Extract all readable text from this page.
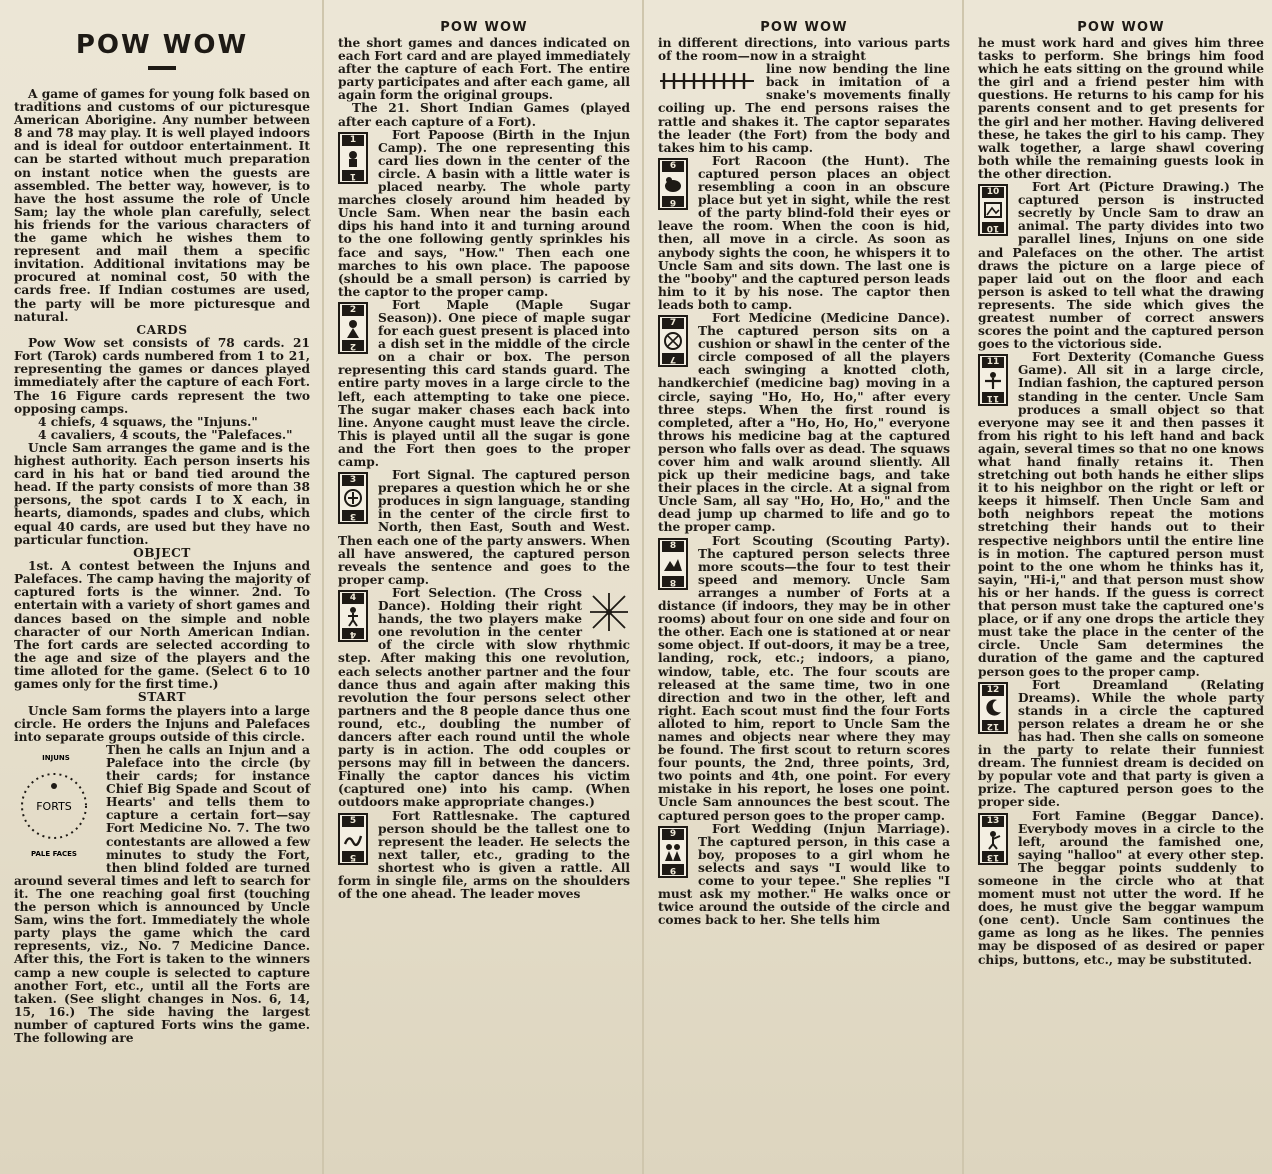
POW WOW

A game of games for young folk based on traditions and customs of our picturesque American Aborigine. Any number between 8 and 78 may play. It is well played indoors and is ideal for outdoor entertainment. It can be started without much preparation on instant notice when the guests are assembled. The better way, however, is to have the host assume the role of Uncle Sam; lay the whole plan carefully, select his friends for the various characters of the game which he wishes them to represent and mail them a specific invitation. Additional invitations may be procured at nominal cost, 50 with the cards free. If Indian costumes are used, the party will be more picturesque and natural.

CARDS

Pow Wow set consists of 78 cards. 21 Fort (Tarok) cards numbered from 1 to 21, representing the games or dances played immediately after the capture of each Fort. The 16 Figure cards represent the two opposing camps.

4 chiefs, 4 squaws, the "Injuns."

4 cavaliers, 4 scouts, the "Palefaces."

Uncle Sam arranges the game and is the highest authority. Each person inserts his card in his hat or band tied around the head. If the party consists of more than 38 persons, the spot cards I to X each, in hearts, diamonds, spades and clubs, which equal 40 cards, are used but they have no particular function.

OBJECT

1st. A contest between the Injuns and Palefaces. The camp having the majority of captured forts is the winner. 2nd. To entertain with a variety of short games and dances based on the simple and noble character of our North American Indian. The fort cards are selected according to the age and size of the players and the time alloted for the game. (Select 6 to 10 games only for the first time.)

START

Uncle Sam forms the players into a large circle. He orders the Injuns and Palefaces into separate groups outside of this circle.

INJUNS
FORTS
PALE FACES

Then he calls an Injun and a Paleface into the circle (by their cards; for instance Chief Big Spade and Scout of Hearts' and tells them to capture a certain fort—say Fort Medicine No. 7. The two contestants are allowed a few minutes to study the Fort, then blind folded are turned around several times and left to search for it. The one reaching goal first (touching the person which is announced by Uncle Sam, wins the fort. Immediately the whole party plays the game which the card represents, viz., No. 7 Medicine Dance. After this, the Fort is taken to the winners camp a new couple is selected to capture another Fort, etc., until all the Forts are taken. (See slight changes in Nos. 6, 14, 15, 16.) The side having the largest number of captured Forts wins the game. The following are

POW WOW

the short games and dances indicated on each Fort card and are played immediately after the capture of each Fort. The entire party participates and after each game, all again form the original groups.

The 21. Short Indian Games (played after each capture of a Fort).

1
1

Fort Papoose (Birth in the Injun Camp). The one representing this card lies down in the center of the circle. A basin with a little water is placed nearby. The whole party marches closely around him headed by Uncle Sam. When near the basin each dips his hand into it and turning around to the one following gently sprinkles his face and says, "How." Then each one marches to his own place. The papoose (should be a small person) is carried by the captor to the proper camp.

2
2

Fort Maple (Maple Sugar Season)). One piece of maple sugar for each guest present is placed into a dish set in the middle of the circle on a chair or box. The person representing this card stands guard. The entire party moves in a large circle to the left, each attempting to take one piece. The sugar maker chases each back into line. Anyone caught must leave the circle. This is played until all the sugar is gone and the Fort then goes to the proper camp.

3
3

Fort Signal. The captured person prepares a question which he or she produces in sign language, standing in the center of the circle first to North, then East, South and West. Then each one of the party answers. When all have answered, the captured person reveals the sentence and goes to the proper camp.

4
4

Fort Selection. (The Cross Dance). Holding their right hands, the two players make one revolution in the center of the circle with slow rhythmic step. After making this one revolution, each selects another partner and the four dance thus and again after making this revolution the four persons select other partners and the 8 people dance thus one round, etc., doubling the number of dancers after each round until the whole party is in action. The odd couples or persons may fill in between the dancers. Finally the captor dances his victim (captured one) into his camp. (When outdoors make appropriate changes.)

5
5

Fort Rattlesnake. The captured person should be the tallest one to represent the leader. He selects the next taller, etc., grading to the shortest who is given a rattle. All form in single file, arms on the shoulders of the one ahead. The leader moves

POW WOW

in different directions, into various parts of the room—now in a straight

line now bending the line back in imitation of a snake's movements finally coiling up. The end persons raises the rattle and shakes it. The captor separates the leader (the Fort) from the body and takes him to his camp.

6
6

Fort Racoon (the Hunt). The captured person places an object resembling a coon in an obscure place but yet in sight, while the rest of the party blind-fold their eyes or leave the room. When the coon is hid, then, all move in a circle. As soon as anybody sights the coon, he whispers it to Uncle Sam and sits down. The last one is the "booby" and the captured person leads him to it by his nose. The captor then leads both to camp.

7
7

Fort Medicine (Medicine Dance). The captured person sits on a cushion or shawl in the center of the circle composed of all the players each swinging a knotted cloth, handkerchief (medicine bag) moving in a circle, saying "Ho, Ho, Ho," after every three steps. When the first round is completed, after a "Ho, Ho, Ho," everyone throws his medicine bag at the captured person who falls over as dead. The squaws cover him and walk around sliently. All pick up their medicine bags, and take their places in the circle. At a signal from Uncle Sam, all say "Ho, Ho, Ho," and the dead jump up charmed to life and go to the proper camp.

8
8

Fort Scouting (Scouting Party). The captured person selects three more scouts—the four to test their speed and memory. Uncle Sam arranges a number of Forts at a distance (if indoors, they may be in other rooms) about four on one side and four on the other. Each one is stationed at or near some object. If out-doors, it may be a tree, landing, rock, etc.; indoors, a piano, window, table, etc. The four scouts are released at the same time, two in one direction and two in the other, left and right. Each scout must find the four Forts alloted to him, report to Uncle Sam the names and objects near where they may be found. The first scout to return scores four pounts, the 2nd, three points, 3rd, two points and 4th, one point. For every mistake in his report, he loses one point. Uncle Sam announces the best scout. The captured person goes to the proper camp.

9
9

Fort Wedding (Injun Marriage). The captured person, in this case a boy, proposes to a girl whom he selects and says "I would like to come to your tepee." She replies "I must ask my mother." He walks once or twice around the outside of the circle and comes back to her. She tells him

POW WOW

he must work hard and gives him three tasks to perform. She brings him food which he eats sitting on the ground while the girl and a friend pester him with questions. He returns to his camp for his parents consent and to get presents for the girl and her mother. Having delivered these, he takes the girl to his camp. They walk together, a large shawl covering both while the remaining guests look in the other direction.

10
10

Fort Art (Picture Drawing.) The captured person is instructed secretly by Uncle Sam to draw an animal. The party divides into two parallel lines, Injuns on one side and Palefaces on the other. The artist draws the picture on a large piece of paper laid out on the floor and each person is asked to tell what the drawing represents. The side which gives the greatest number of correct answers scores the point and the captured person goes to the victorious side.

11
11

Fort Dexterity (Comanche Guess Game). All sit in a large circle, Indian fashion, the captured person standing in the center. Uncle Sam produces a small object so that everyone may see it and then passes it from his right to his left hand and back again, several times so that no one knows what hand finally retains it. Then stretching out both hands he either slips it to his neighbor on the right or left or keeps it himself. Then Uncle Sam and both neighbors repeat the motions stretching their hands out to their respective neighbors until the entire line is in motion. The captured person must point to the one whom he thinks has it, sayin, "Hi-i," and that person must show his or her hands. If the guess is correct that person must take the captured one's place, or if any one drops the article they must take the place in the center of the circle. Uncle Sam determines the duration of the game and the captured person goes to the proper camp.

12
12

Fort Dreamland (Relating Dreams). While the whole party stands in a circle the captured person relates a dream he or she has had. Then she calls on someone in the party to relate their funniest dream. The funniest dream is decided on by popular vote and that party is given a prize. The captured person goes to the proper side.

13
13

Fort Famine (Beggar Dance). Everybody moves in a circle to the left, around the famished one, saying "halloo" at every other step. The beggar points suddenly to someone in the circle who at that moment must not utter the word. If he does, he must give the beggar wampum (one cent). Uncle Sam continues the game as long as he likes. The pennies may be disposed of as desired or paper chips, buttons, etc., may be substituted.
